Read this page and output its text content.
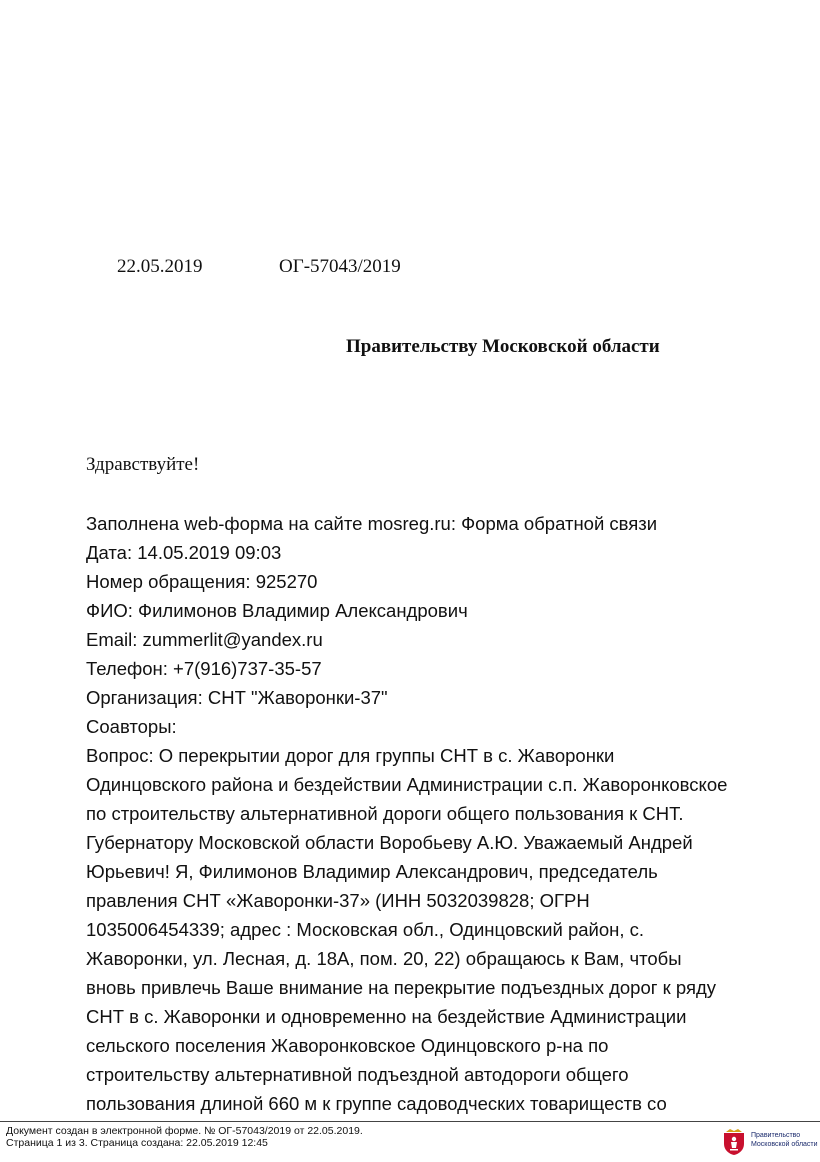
22.05.2019	ОГ-57043/2019
Правительству Московской области
Здравствуйте!
Заполнена web-форма на сайте mosreg.ru: Форма обратной связи
Дата: 14.05.2019 09:03
Номер обращения: 925270
ФИО: Филимонов Владимир Александрович
Email: zummerlit@yandex.ru
Телефон: +7(916)737-35-57
Организация: СНТ "Жаворонки-37"
Соавторы:
Вопрос: О перекрытии дорог для группы СНТ в с. Жаворонки
Одинцовского района и бездействии Администрации с.п. Жаворонковское
по строительству альтернативной дороги общего пользования к СНТ.
Губернатору Московской области Воробьеву А.Ю. Уважаемый Андрей
Юрьевич! Я, Филимонов Владимир Александрович, председатель
правления СНТ «Жаворонки-37» (ИНН 5032039828; ОГРН
1035006454339; адрес : Московская обл., Одинцовский район, с.
Жаворонки, ул. Лесная, д. 18А, пом. 20, 22) обращаюсь к Вам, чтобы
вновь привлечь Ваше внимание на перекрытие подъездных дорог к ряду
СНТ в с. Жаворонки и одновременно на бездействие Администрации
сельского поселения Жаворонковское Одинцовского р-на по
строительству альтернативной подъездной автодороги общего
пользования длиной 660 м к группе садоводческих товариществ со
Документ создан в электронной форме. № ОГ-57043/2019 от 22.05.2019.
Страница 1 из 3. Страница создана: 22.05.2019 12:45
Правительство
Московской области
